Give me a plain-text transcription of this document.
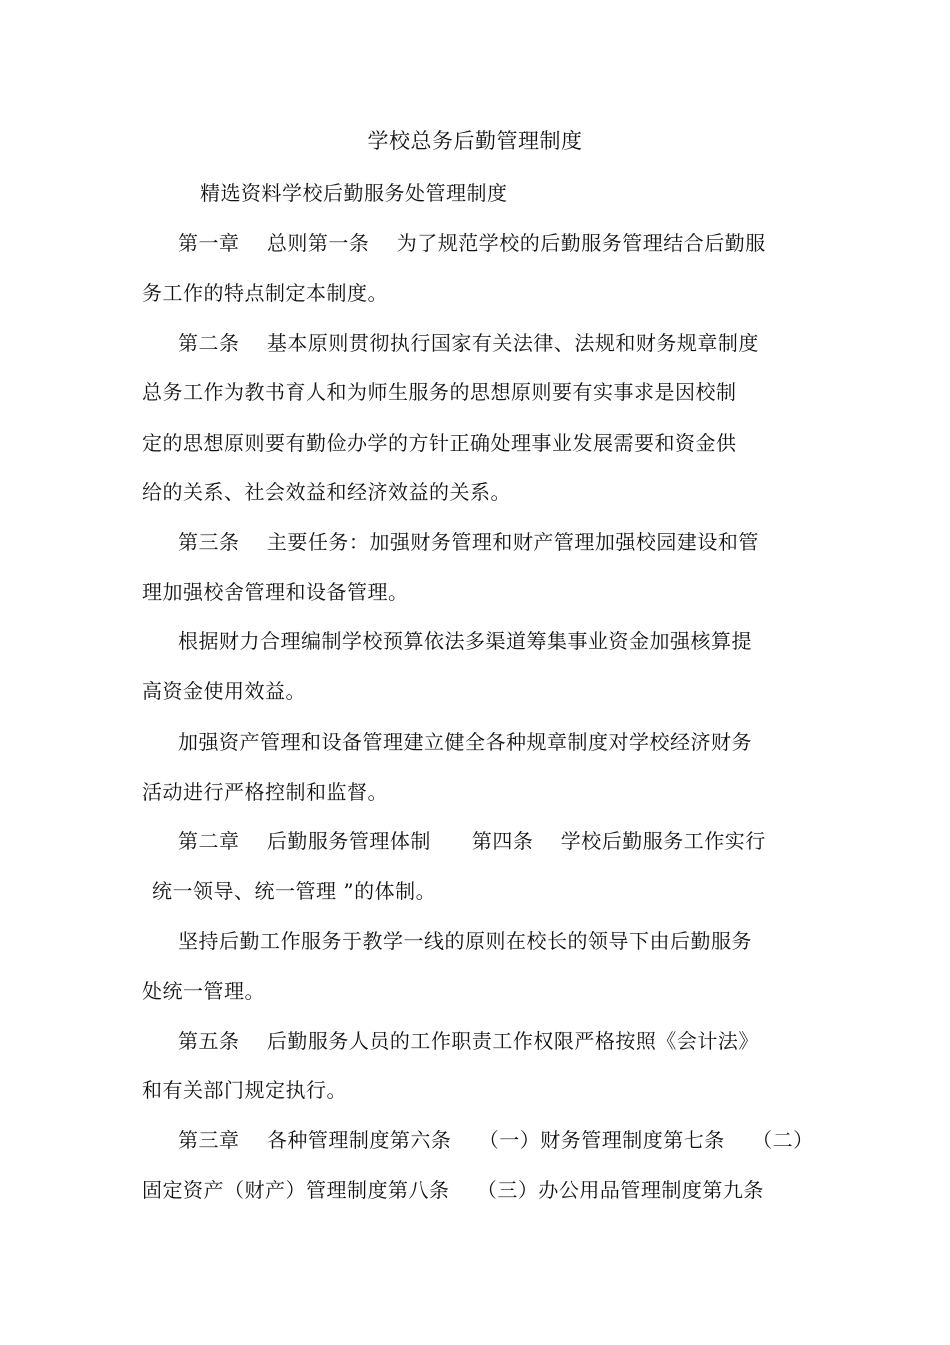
学校总务后勤管理制度
精选资料学校后勤服务处管理制度
第一章　 总则第一条　 为了规范学校的后勤服务管理结合后勤服
务工作的特点制定本制度。
第二条　 基本原则贯彻执行国家有关法律、法规和财务规章制度
总务工作为教书育人和为师生服务的思想原则要有实事求是因校制
定的思想原则要有勤俭办学的方针正确处理事业发展需要和资金供
给的关系、社会效益和经济效益的关系。
第三条　 主要任务：加强财务管理和财产管理加强校园建设和管
理加强校舍管理和设备管理。
根据财力合理编制学校预算依法多渠道筹集事业资金加强核算提
高资金使用效益。
加强资产管理和设备管理建立健全各种规章制度对学校经济财务
活动进行严格控制和监督。
第二章　 后勤服务管理体制　　第四条　 学校后勤服务工作实行
统一领导、统一管理 ”的体制。
坚持后勤工作服务于教学一线的原则在校长的领导下由后勤服务
处统一管理。
第五条　 后勤服务人员的工作职责工作权限严格按照《会计法》
和有关部门规定执行。
第三章　 各种管理制度第六条　 （一）财务管理制度第七条　 （二）
固定资产（财产）管理制度第八条　 （三）办公用品管理制度第九条
